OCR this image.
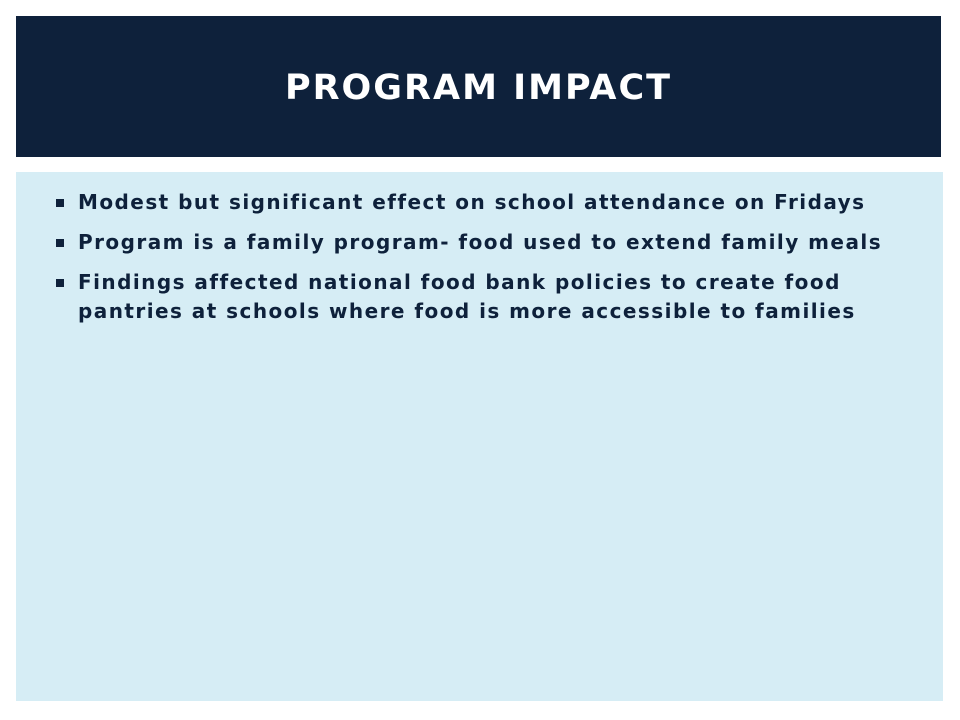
PROGRAM IMPACT
Modest but significant effect on school attendance on Fridays
Program is a family program- food used to extend family meals
Findings affected national food bank policies to create food pantries at schools where food is more accessible to families
